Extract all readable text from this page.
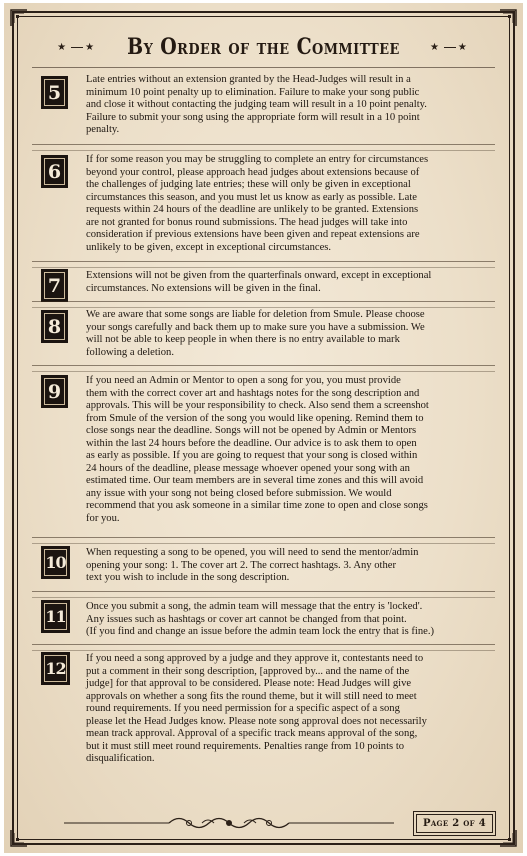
★ ★ By Order of the Committee	★ ★
5

Late entries without an extension granted by the Head-Judges will result in a
minimum 10 point penalty up to elimination. Failure to make your song public
and close it without contacting the judging team will result in a 10 point penalty.
Failure to submit your song using the appropriate form will result in a 10 point
penalty.

6

If for some reason you may be struggling to complete an entry for circumstances
beyond your control, please approach head judges about extensions because of
the challenges of judging late entries; these will only be given in exceptional
circumstances this season, and you must let us know as early as possible. Late
requests within 24 hours of the deadline are unlikely to be granted. Extensions
are not granted for bonus round submissions. The head judges will take into
consideration if previous extensions have been given and repeat extensions are
unlikely to be given, except in exceptional circumstances.

7	Extensions will not be given from the quarterfinals onward, except in exceptional
circumstances. No extensions will be given in the final.

8

We are aware that some songs are liable for deletion from Smule. Please choose
your songs carefully and back them up to make sure you have a submission. We
will not be able to keep people in when there is no entry available to mark
following a deletion.

9	If you need an Admin or Mentor to open a song for you, you must provide
them with the correct cover art and hashtags notes for the song description and
approvals. This will be your responsibility to check. Also send them a screenshot
from Smule of the version of the song you would like opening. Remind them to
close songs near the deadline. Songs will not be opened by Admin or Mentors
within the last 24 hours before the deadline. Our advice is to ask them to open
as early as possible. If you are going to request that your song is closed within
24 hours of the deadline, please message whoever opened your song with an
estimated time. Our team members are in several time zones and this will avoid
any issue with your song not being closed before submission. We would
recommend that you ask someone in a similar time zone to open and close songs
for you.

10

When requesting a song to be opened, you will need to send the mentor/admin
opening your song: 1. The cover art 2. The correct hashtags. 3. Any other
text you wish to include in the song description.

11

Once you submit a song, the admin team will message that the entry is 'locked'.
Any issues such as hashtags or cover art cannot be changed from that point.
(If you find and change an issue before the admin team lock the entry that is fine.)

12

If you need a song approved by a judge and they approve it, contestants need to
put a comment in their song description, [approved by... and the name of the
judge] for that approval to be considered. Please note: Head Judges will give
approvals on whether a song fits the round theme, but it will still need to meet
round requirements. If you need permission for a specific aspect of a song
please let the Head Judges know. Please note song approval does not necessarily
mean track approval. Approval of a specific track means approval of the song,
but it must still meet round requirements. Penalties range from 10 points to
disqualification.

Page 2 of 4
